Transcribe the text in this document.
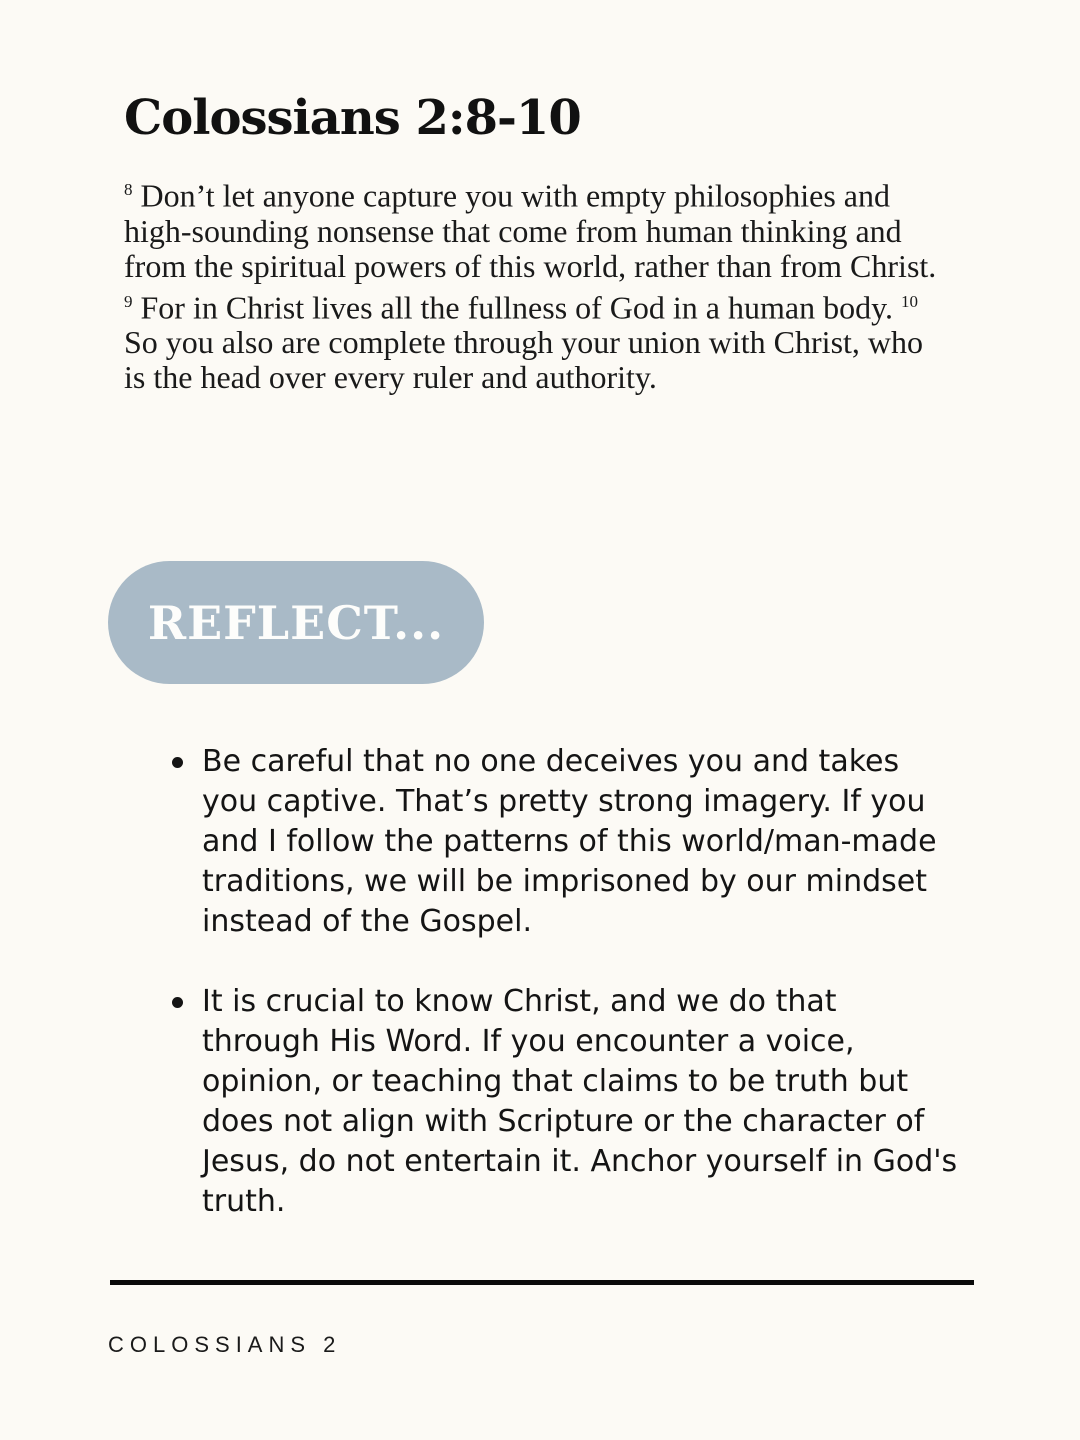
Colossians 2:8-10

$^8$ Don’t let anyone capture you with empty philosophies and high-sounding nonsense that come from human thinking and from the spiritual powers of this world, rather than from Christ. $^9$ For in Christ lives all the fullness of God in a human body. $^{10}$ So you also are complete through your union with Christ, who is the head over every ruler and authority.

REFLECT...
Be careful that no one deceives you and takes you captive. That’s pretty strong imagery. If you and I follow the patterns of this world/man-made traditions, we will be imprisoned by our mindset instead of the Gospel.
It is crucial to know Christ, and we do that through His Word. If you encounter a voice, opinion, or teaching that claims to be truth but does not align with Scripture or the character of Jesus, do not entertain it. Anchor yourself in God's truth.

COLOSSIANS 2
